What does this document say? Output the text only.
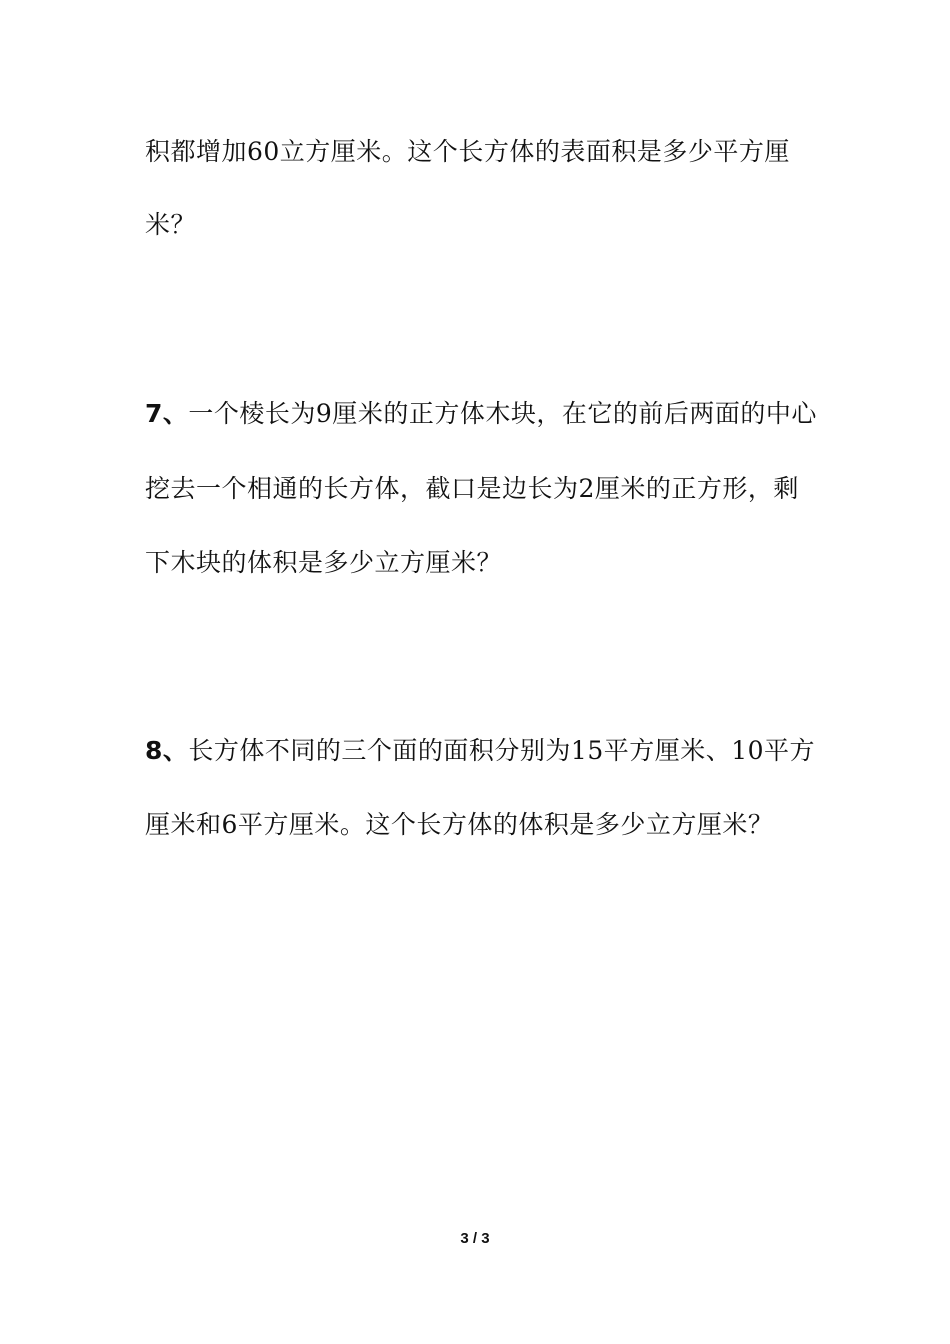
积都增加60立方厘米。这个长方体的表面积是多少平方厘
米？
7、一个棱长为9厘米的正方体木块，在它的前后两面的中心
挖去一个相通的长方体，截口是边长为2厘米的正方形，剩
下木块的体积是多少立方厘米？
8、长方体不同的三个面的面积分别为15平方厘米、10平方
厘米和6平方厘米。这个长方体的体积是多少立方厘米？
3 / 3
